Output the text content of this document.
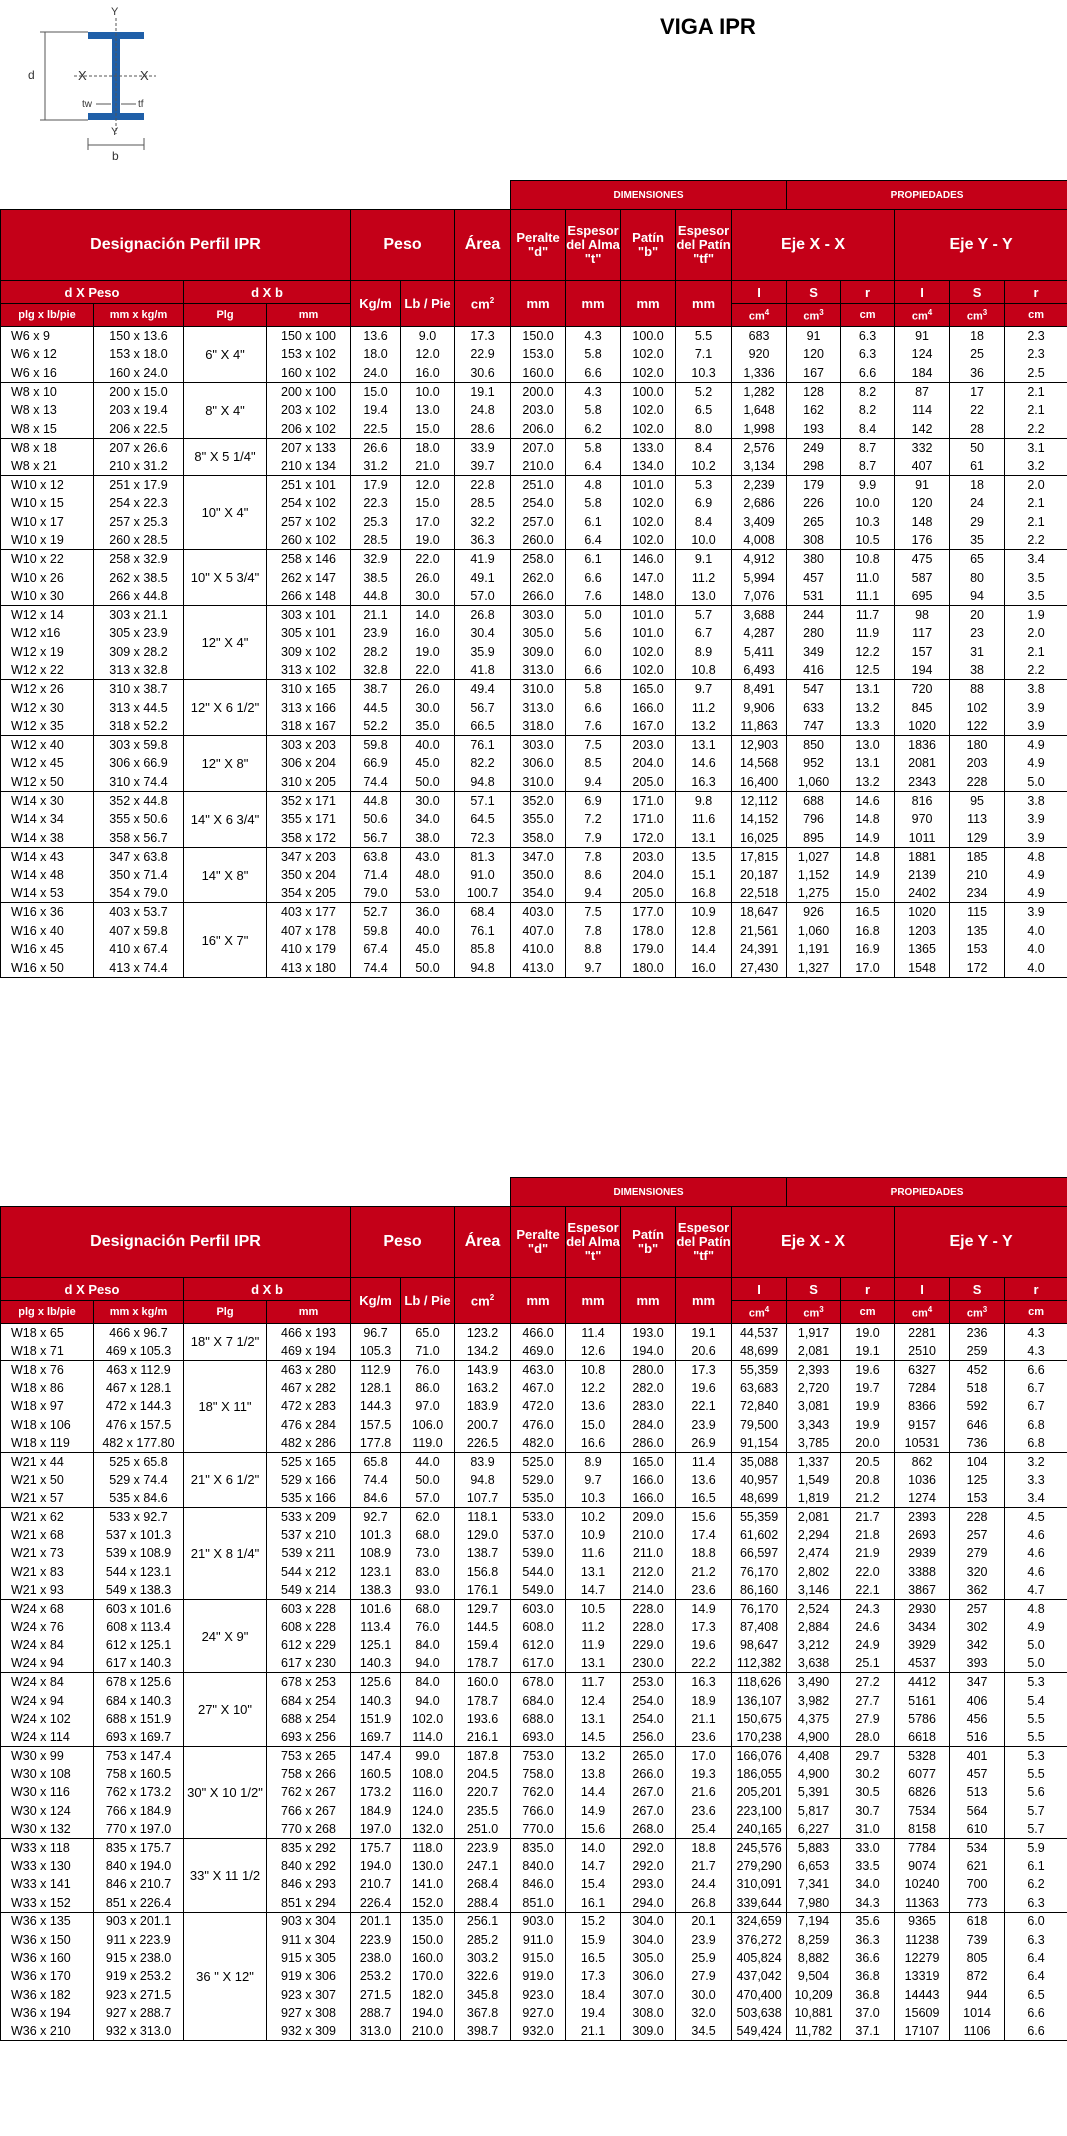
Y
X	X
d
tw	tf
Y
b
VIGA IPR
							DIMENSIONES					PROPIEDADES				
Designación Perfil IPR				Peso		Área	Peralte "d"	Espesor del Alma "t"	Patín "b"	Espesor del Patín "tf"	Eje X - X			Eje Y - Y		
d X Peso		d X b		Kg/m	Lb / Pie	$cm^2$	mm	mm	mm	mm	I	S	r	I	S	r
plg x lb/pie	mm x kg/m	Plg	mm								$cm^4$	$cm^3$	cm	$cm^4$	$cm^3$	cm
W6 x 9	150 x 13.6	6" X 4"	150 x 100	13.6	9.0	17.3	150.0	4.3	100.0	5.5	683	91	6.3	91	18	2.3
W6 x 12	153 x 18.0		153 x 102	18.0	12.0	22.9	153.0	5.8	102.0	7.1	920	120	6.3	124	25	2.3
W6 x 16	160 x 24.0		160 x 102	24.0	16.0	30.6	160.0	6.6	102.0	10.3	1,336	167	6.6	184	36	2.5
W8 x 10	200 x 15.0	8" X 4"	200 x 100	15.0	10.0	19.1	200.0	4.3	100.0	5.2	1,282	128	8.2	87	17	2.1
W8 x 13	203 x 19.4		203 x 102	19.4	13.0	24.8	203.0	5.8	102.0	6.5	1,648	162	8.2	114	22	2.1
W8 x 15	206 x 22.5		206 x 102	22.5	15.0	28.6	206.0	6.2	102.0	8.0	1,998	193	8.4	142	28	2.2
W8 x 18	207 x 26.6	8" X 5 1/4"	207 x 133	26.6	18.0	33.9	207.0	5.8	133.0	8.4	2,576	249	8.7	332	50	3.1
W8 x 21	210 x 31.2		210 x 134	31.2	21.0	39.7	210.0	6.4	134.0	10.2	3,134	298	8.7	407	61	3.2
W10 x 12	251 x 17.9	10" X 4"	251 x 101	17.9	12.0	22.8	251.0	4.8	101.0	5.3	2,239	179	9.9	91	18	2.0
W10 x 15	254 x 22.3		254 x 102	22.3	15.0	28.5	254.0	5.8	102.0	6.9	2,686	226	10.0	120	24	2.1
W10 x 17	257 x 25.3		257 x 102	25.3	17.0	32.2	257.0	6.1	102.0	8.4	3,409	265	10.3	148	29	2.1
W10 x 19	260 x 28.5		260 x 102	28.5	19.0	36.3	260.0	6.4	102.0	10.0	4,008	308	10.5	176	35	2.2
W10 x 22	258 x 32.9	10" X 5 3/4"	258 x 146	32.9	22.0	41.9	258.0	6.1	146.0	9.1	4,912	380	10.8	475	65	3.4
W10 x 26	262 x 38.5		262 x 147	38.5	26.0	49.1	262.0	6.6	147.0	11.2	5,994	457	11.0	587	80	3.5
W10 x 30	266 x 44.8		266 x 148	44.8	30.0	57.0	266.0	7.6	148.0	13.0	7,076	531	11.1	695	94	3.5
W12 x 14	303 x 21.1	12" X 4"	303 x 101	21.1	14.0	26.8	303.0	5.0	101.0	5.7	3,688	244	11.7	98	20	1.9
W12 x16	305 x 23.9		305 x 101	23.9	16.0	30.4	305.0	5.6	101.0	6.7	4,287	280	11.9	117	23	2.0
W12 x 19	309 x 28.2		309 x 102	28.2	19.0	35.9	309.0	6.0	102.0	8.9	5,411	349	12.2	157	31	2.1
W12 x 22	313 x 32.8		313 x 102	32.8	22.0	41.8	313.0	6.6	102.0	10.8	6,493	416	12.5	194	38	2.2
W12 x 26	310 x 38.7	12" X 6 1/2"	310 x 165	38.7	26.0	49.4	310.0	5.8	165.0	9.7	8,491	547	13.1	720	88	3.8
W12 x 30	313 x 44.5		313 x 166	44.5	30.0	56.7	313.0	6.6	166.0	11.2	9,906	633	13.2	845	102	3.9
W12 x 35	318 x 52.2		318 x 167	52.2	35.0	66.5	318.0	7.6	167.0	13.2	11,863	747	13.3	1020	122	3.9
W12 x 40	303 x 59.8	12" X 8"	303 x 203	59.8	40.0	76.1	303.0	7.5	203.0	13.1	12,903	850	13.0	1836	180	4.9
W12 x 45	306 x 66.9		306 x 204	66.9	45.0	82.2	306.0	8.5	204.0	14.6	14,568	952	13.1	2081	203	4.9
W12 x 50	310 x 74.4		310 x 205	74.4	50.0	94.8	310.0	9.4	205.0	16.3	16,400	1,060	13.2	2343	228	5.0
W14 x 30	352 x 44.8	14" X 6 3/4"	352 x 171	44.8	30.0	57.1	352.0	6.9	171.0	9.8	12,112	688	14.6	816	95	3.8
W14 x 34	355 x 50.6		355 x 171	50.6	34.0	64.5	355.0	7.2	171.0	11.6	14,152	796	14.8	970	113	3.9
W14 x 38	358 x 56.7		358 x 172	56.7	38.0	72.3	358.0	7.9	172.0	13.1	16,025	895	14.9	1011	129	3.9
W14 x 43	347 x 63.8	14" X 8"	347 x 203	63.8	43.0	81.3	347.0	7.8	203.0	13.5	17,815	1,027	14.8	1881	185	4.8
W14 x 48	350 x 71.4		350 x 204	71.4	48.0	91.0	350.0	8.6	204.0	15.1	20,187	1,152	14.9	2139	210	4.9
W14 x 53	354 x 79.0		354 x 205	79.0	53.0	100.7	354.0	9.4	205.0	16.8	22,518	1,275	15.0	2402	234	4.9
W16 x 36	403 x 53.7	16" X 7"	403 x 177	52.7	36.0	68.4	403.0	7.5	177.0	10.9	18,647	926	16.5	1020	115	3.9
W16 x 40	407 x 59.8		407 x 178	59.8	40.0	76.1	407.0	7.8	178.0	12.8	21,561	1,060	16.8	1203	135	4.0
W16 x 45	410 x 67.4		410 x 179	67.4	45.0	85.8	410.0	8.8	179.0	14.4	24,391	1,191	16.9	1365	153	4.0
W16 x 50	413 x 74.4		413 x 180	74.4	50.0	94.8	413.0	9.7	180.0	16.0	27,430	1,327	17.0	1548	172	4.0
							DIMENSIONES					PROPIEDADES				
Designación Perfil IPR				Peso		Área	Peralte "d"	Espesor del Alma "t"	Patín "b"	Espesor del Patín "tf"	Eje X - X			Eje Y - Y		
d X Peso		d X b		Kg/m	Lb / Pie	$cm^2$	mm	mm	mm	mm	I	S	r	I	S	r
plg x lb/pie	mm x kg/m	Plg	mm								$cm^4$	$cm^3$	cm	$cm^4$	$cm^3$	cm
W18 x 65	466 x 96.7	18" X 7 1/2"	466 x 193	96.7	65.0	123.2	466.0	11.4	193.0	19.1	44,537	1,917	19.0	2281	236	4.3
W18 x 71	469 x 105.3		469 x 194	105.3	71.0	134.2	469.0	12.6	194.0	20.6	48,699	2,081	19.1	2510	259	4.3
W18 x 76	463 x 112.9	18" X 11"	463 x 280	112.9	76.0	143.9	463.0	10.8	280.0	17.3	55,359	2,393	19.6	6327	452	6.6
W18 x 86	467 x 128.1		467 x 282	128.1	86.0	163.2	467.0	12.2	282.0	19.6	63,683	2,720	19.7	7284	518	6.7
W18 x 97	472 x 144.3		472 x 283	144.3	97.0	183.9	472.0	13.6	283.0	22.1	72,840	3,081	19.9	8366	592	6.7
W18 x 106	476 x 157.5		476 x 284	157.5	106.0	200.7	476.0	15.0	284.0	23.9	79,500	3,343	19.9	9157	646	6.8
W18 x 119	482 x 177.80		482 x 286	177.8	119.0	226.5	482.0	16.6	286.0	26.9	91,154	3,785	20.0	10531	736	6.8
W21 x 44	525 x 65.8	21" X 6 1/2"	525 x 165	65.8	44.0	83.9	525.0	8.9	165.0	11.4	35,088	1,337	20.5	862	104	3.2
W21 x 50	529 x 74.4		529 x 166	74.4	50.0	94.8	529.0	9.7	166.0	13.6	40,957	1,549	20.8	1036	125	3.3
W21 x 57	535 x 84.6		535 x 166	84.6	57.0	107.7	535.0	10.3	166.0	16.5	48,699	1,819	21.2	1274	153	3.4
W21 x 62	533 x 92.7	21" X 8 1/4"	533 x 209	92.7	62.0	118.1	533.0	10.2	209.0	15.6	55,359	2,081	21.7	2393	228	4.5
W21 x 68	537 x 101.3		537 x 210	101.3	68.0	129.0	537.0	10.9	210.0	17.4	61,602	2,294	21.8	2693	257	4.6
W21 x 73	539 x 108.9		539 x 211	108.9	73.0	138.7	539.0	11.6	211.0	18.8	66,597	2,474	21.9	2939	279	4.6
W21 x 83	544 x 123.1		544 x 212	123.1	83.0	156.8	544.0	13.1	212.0	21.2	76,170	2,802	22.0	3388	320	4.6
W21 x 93	549 x 138.3		549 x 214	138.3	93.0	176.1	549.0	14.7	214.0	23.6	86,160	3,146	22.1	3867	362	4.7
W24 x 68	603 x 101.6	24" X 9"	603 x 228	101.6	68.0	129.7	603.0	10.5	228.0	14.9	76,170	2,524	24.3	2930	257	4.8
W24 x 76	608 x 113.4		608 x 228	113.4	76.0	144.5	608.0	11.2	228.0	17.3	87,408	2,884	24.6	3434	302	4.9
W24 x 84	612 x 125.1		612 x 229	125.1	84.0	159.4	612.0	11.9	229.0	19.6	98,647	3,212	24.9	3929	342	5.0
W24 x 94	617 x 140.3		617 x 230	140.3	94.0	178.7	617.0	13.1	230.0	22.2	112,382	3,638	25.1	4537	393	5.0
W24 x 84	678 x 125.6	27" X 10"	678 x 253	125.6	84.0	160.0	678.0	11.7	253.0	16.3	118,626	3,490	27.2	4412	347	5.3
W24 x 94	684 x 140.3		684 x 254	140.3	94.0	178.7	684.0	12.4	254.0	18.9	136,107	3,982	27.7	5161	406	5.4
W24 x 102	688 x 151.9		688 x 254	151.9	102.0	193.6	688.0	13.1	254.0	21.1	150,675	4,375	27.9	5786	456	5.5
W24 x 114	693 x 169.7		693 x 256	169.7	114.0	216.1	693.0	14.5	256.0	23.6	170,238	4,900	28.0	6618	516	5.5
W30 x 99	753 x 147.4	30" X 10 1/2"	753 x 265	147.4	99.0	187.8	753.0	13.2	265.0	17.0	166,076	4,408	29.7	5328	401	5.3
W30 x 108	758 x 160.5		758 x 266	160.5	108.0	204.5	758.0	13.8	266.0	19.3	186,055	4,900	30.2	6077	457	5.5
W30 x 116	762 x 173.2		762 x 267	173.2	116.0	220.7	762.0	14.4	267.0	21.6	205,201	5,391	30.5	6826	513	5.6
W30 x 124	766 x 184.9		766 x 267	184.9	124.0	235.5	766.0	14.9	267.0	23.6	223,100	5,817	30.7	7534	564	5.7
W30 x 132	770 x 197.0		770 x 268	197.0	132.0	251.0	770.0	15.6	268.0	25.4	240,165	6,227	31.0	8158	610	5.7
W33 x 118	835 x 175.7	33" X 11 1/2	835 x 292	175.7	118.0	223.9	835.0	14.0	292.0	18.8	245,576	5,883	33.0	7784	534	5.9
W33 x 130	840 x 194.0		840 x 292	194.0	130.0	247.1	840.0	14.7	292.0	21.7	279,290	6,653	33.5	9074	621	6.1
W33 x 141	846 x 210.7		846 x 293	210.7	141.0	268.4	846.0	15.4	293.0	24.4	310,091	7,341	34.0	10240	700	6.2
W33 x 152	851 x 226.4		851 x 294	226.4	152.0	288.4	851.0	16.1	294.0	26.8	339,644	7,980	34.3	11363	773	6.3
W36 x 135	903 x 201.1	36 " X 12"	903 x 304	201.1	135.0	256.1	903.0	15.2	304.0	20.1	324,659	7,194	35.6	9365	618	6.0
W36 x 150	911 x 223.9		911 x 304	223.9	150.0	285.2	911.0	15.9	304.0	23.9	376,272	8,259	36.3	11238	739	6.3
W36 x 160	915 x 238.0		915 x 305	238.0	160.0	303.2	915.0	16.5	305.0	25.9	405,824	8,882	36.6	12279	805	6.4
W36 x 170	919 x 253.2		919 x 306	253.2	170.0	322.6	919.0	17.3	306.0	27.9	437,042	9,504	36.8	13319	872	6.4
W36 x 182	923 x 271.5		923 x 307	271.5	182.0	345.8	923.0	18.4	307.0	30.0	470,400	10,209	36.8	14443	944	6.5
W36 x 194	927 x 288.7		927 x 308	288.7	194.0	367.8	927.0	19.4	308.0	32.0	503,638	10,881	37.0	15609	1014	6.6
W36 x 210	932 x 313.0		932 x 309	313.0	210.0	398.7	932.0	21.1	309.0	34.5	549,424	11,782	37.1	17107	1106	6.6
